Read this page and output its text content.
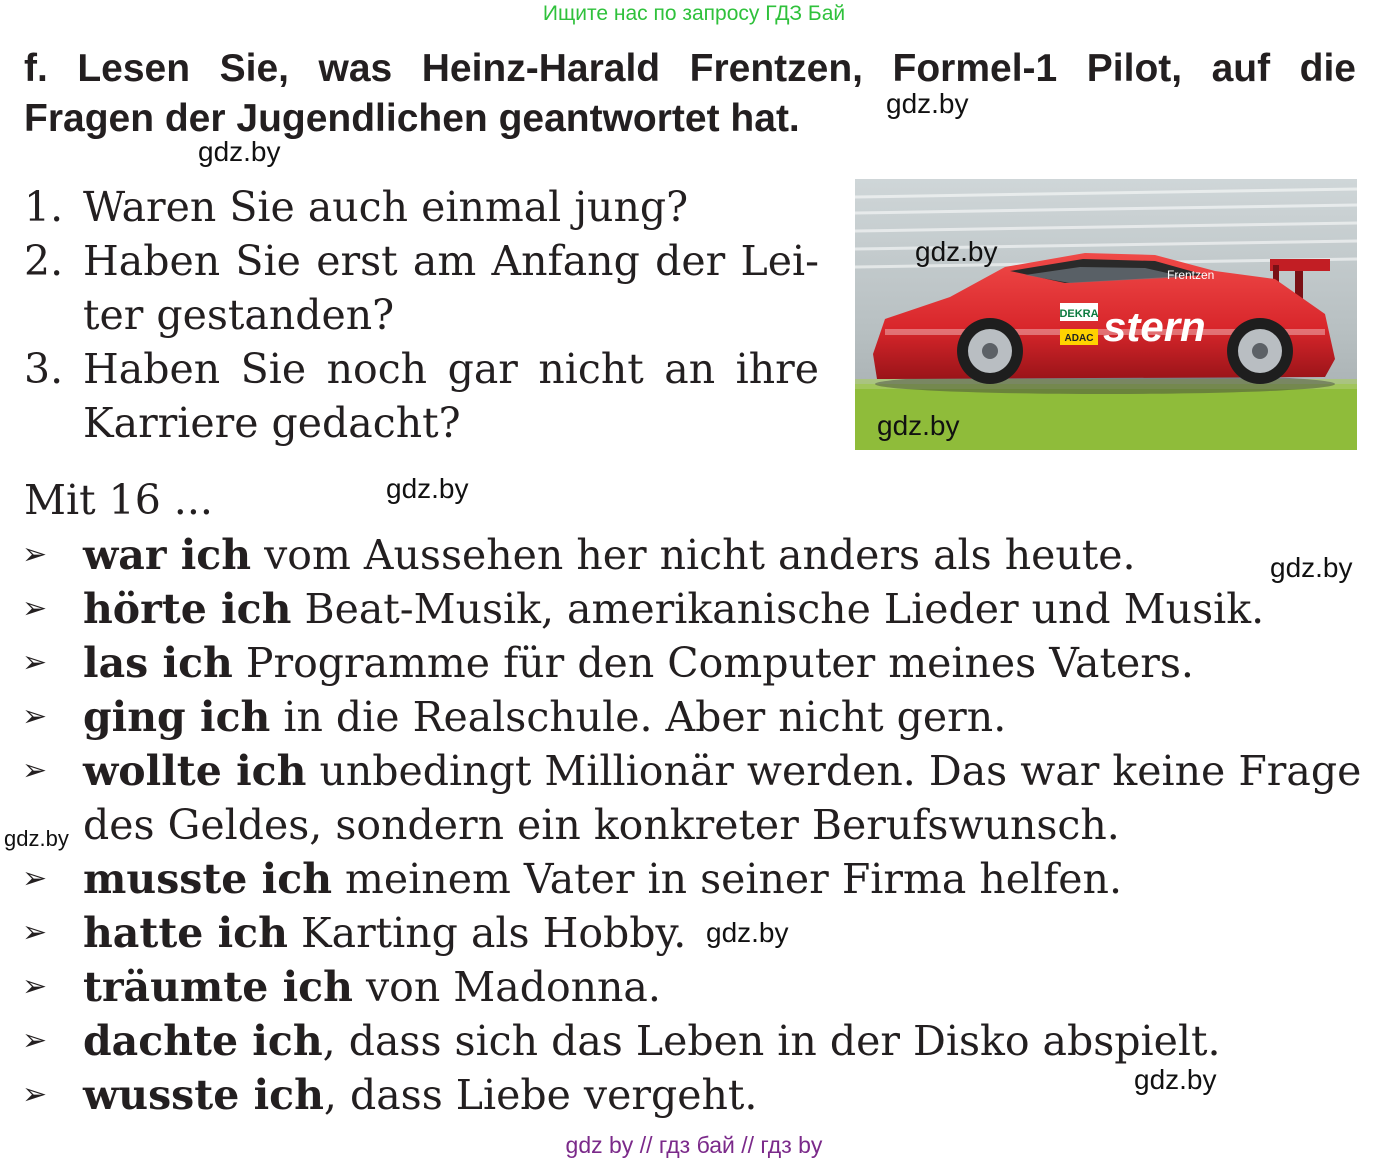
Ищите нас по запросу ГДЗ Бай
f. Lesen Sie, was Heinz-Harald Frentzen, Formel-1 Pilot, auf die
Fragen der Jugendlichen geantwortet hat.
1. Waren Sie auch einmal jung?
2. Haben Sie erst am Anfang der Lei-
ter gestanden?
3. Haben Sie noch gar nicht an ihre
Karriere gedacht?
DEKRA
ADAC stern
Frentzen
gdz.by
gdz.by
Mit 16 ...
➢ war ich vom Aussehen her nicht anders als heute.
➢ hörte ich Beat-Musik, amerikanische Lieder und Musik.
➢ las ich Programme für den Computer meines Vaters.
➢ ging ich in die Realschule. Aber nicht gern.
➢ wollte ich unbedingt Millionär werden. Das war keine Frage
des Geldes, sondern ein konkreter Berufswunsch.
➢ musste ich meinem Vater in seiner Firma helfen.
➢ hatte ich Karting als Hobby.
➢ träumte ich von Madonna.
➢ dachte ich, dass sich das Leben in der Disko abspielt.
➢ wusste ich, dass Liebe vergeht.
gdz.by
gdz.by
gdz.by
gdz.by
gdz.by
gdz.by
gdz.by
gdz by // гдз бай // гдз by
